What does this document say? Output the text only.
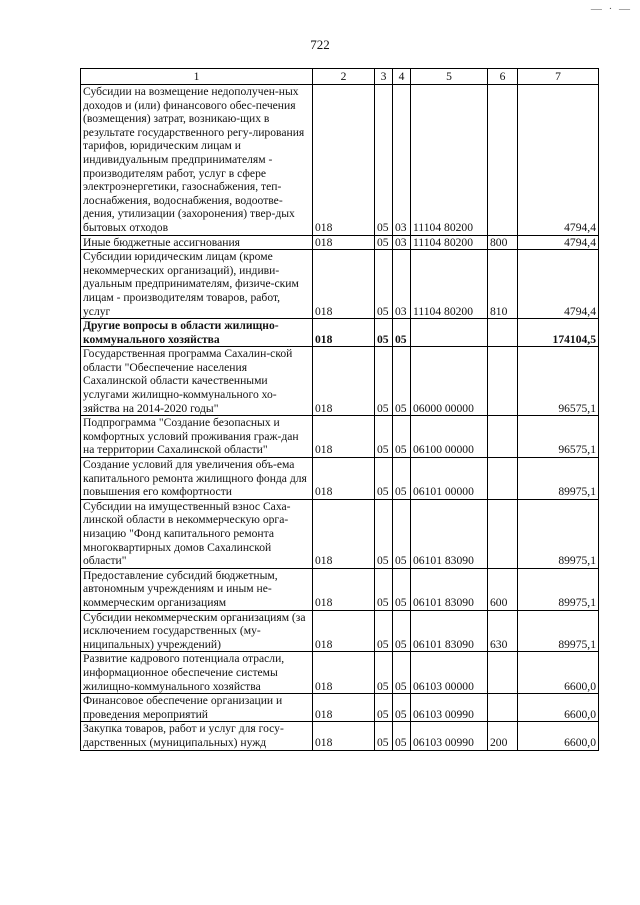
— · —
722
1	2	3	4	5	6	7
Субсидии на возмещение недополучен-ных доходов и (или) финансового обес-печения (возмещения) затрат, возникаю-щих в результате государственного регу-лирования тарифов, юридическим лицам и индивидуальным предпринимателям - производителям работ, услуг в сфере электроэнергетики, газоснабжения, теп-лоснабжения, водоснабжения, водоотве-дения, утилизации (захоронения) твер-дых бытовых отходов	018	05	03	11104 80200		4794,4
Иные бюджетные ассигнования	018	05	03	11104 80200	800	4794,4
Субсидии юридическим лицам (кроме некоммерческих организаций), индиви-дуальным предпринимателям, физиче-ским лицам - производителям товаров, работ, услуг	018	05	03	11104 80200	810	4794,4
Другие вопросы в области жилищно-коммунального хозяйства	018	05	05			174104,5
Государственная программа Сахалин-ской области "Обеспечение населения Сахалинской области качественными услугами жилищно-коммунального хо-зяйства на 2014-2020 годы"	018	05	05	06000 00000		96575,1
Подпрограмма "Создание безопасных и комфортных условий проживания граж-дан на территории Сахалинской области"	018	05	05	06100 00000		96575,1
Создание условий для увеличения объ-ема капитального ремонта жилищного фонда для повышения его комфортности	018	05	05	06101 00000		89975,1
Субсидии на имущественный взнос Саха-линской области в некоммерческую орга-низацию "Фонд капитального ремонта многоквартирных домов Сахалинской области"	018	05	05	06101 83090		89975,1
Предоставление субсидий бюджетным, автономным учреждениям и иным не-коммерческим организациям	018	05	05	06101 83090	600	89975,1
Субсидии некоммерческим организациям (за исключением государственных (му-ниципальных) учреждений)	018	05	05	06101 83090	630	89975,1
Развитие кадрового потенциала отрасли, информационное обеспечение системы жилищно-коммунального хозяйства	018	05	05	06103 00000		6600,0
Финансовое обеспечение организации и проведения мероприятий	018	05	05	06103 00990		6600,0
Закупка товаров, работ и услуг для госу-дарственных (муниципальных) нужд	018	05	05	06103 00990	200	6600,0
